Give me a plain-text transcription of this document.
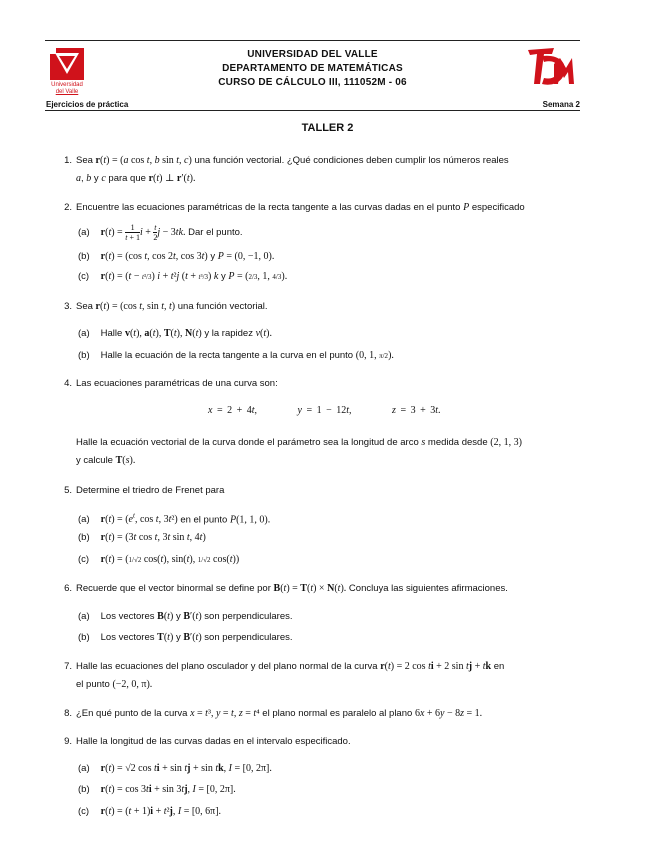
Universidad
del Valle
UNIVERSIDAD DEL VALLE
DEPARTAMENTO DE MATEMÁTICAS
CURSO DE CÁLCULO III, 111052M - 06
Ejercicios de práctica	Semana 2
TALLER 2
1. Sea r(t) = (a cos t, b sin t, c) una función vectorial. ¿Qué condiciones deben cumplir los números reales
a, b y c para que r(t) ⊥ r′(t).
2. Encuentre las ecuaciones paramétricas de la recta tangente a las curvas dadas en el punto P especificado
(a) $r(t) = \frac{1}{t + 1}$ $i + \frac{t}{2}$ j − 3tk. Dar el punto.
(b) r(t) = (cos t, cos 2t, cos 3t) y P = (0, −1, 0).
(c) r(t) = (t − t³/3) i + t²j (t + t³/3) k y P = (2/3, 1, 4/3).
3. Sea r(t) = (cos t, sin t, t) una función vectorial.
(a) Halle v(t), a(t), T(t), N(t) y la rapidez v(t).
(b) Halle la ecuación de la recta tangente a la curva en el punto (0, 1, π/2).
4. Las ecuaciones paramétricas de una curva son:
x = 2 + 4t,         y = 1 − 12t,         z = 3 + 3t.
Halle la ecuación vectorial de la curva donde el parámetro sea la longitud de arco s medida desde (2, 1, 3)
y calcule T(s).
5. Determine el triedro de Frenet para
(a) $r(t) = (e^t$, cos t, 3t²) en el punto P(1, 1, 0).
(b) r(t) = (3t cos t, 3t sin t, 4t)
(c) r(t) = (1/√2 cos(t), sin(t), 1/√2 cos(t))
6. Recuerde que el vector binormal se define por B(t) = T(t) × N(t). Concluya las siguientes afirmaciones.
(a) Los vectores B(t) y B′(t) son perpendiculares.
(b) Los vectores T(t) y B′(t) son perpendiculares.
7. Halle las ecuaciones del plano osculador y del plano normal de la curva r(t) = 2 cos ti + 2 sin tj + tk en
el punto (−2, 0, π).
8. ¿En qué punto de la curva x = t³, y = t, z = t⁴ el plano normal es paralelo al plano 6x + 6y − 8z = 1.
9. Halle la longitud de las curvas dadas en el intervalo especificado.
(a) r(t) = √2 cos ti + sin tj + sin tk, I = [0, 2π].
(b) r(t) = cos 3ti + sin 3tj, I = [0, 2π].
(c) r(t) = (t + 1)i + t²j, I = [0, 6π].
